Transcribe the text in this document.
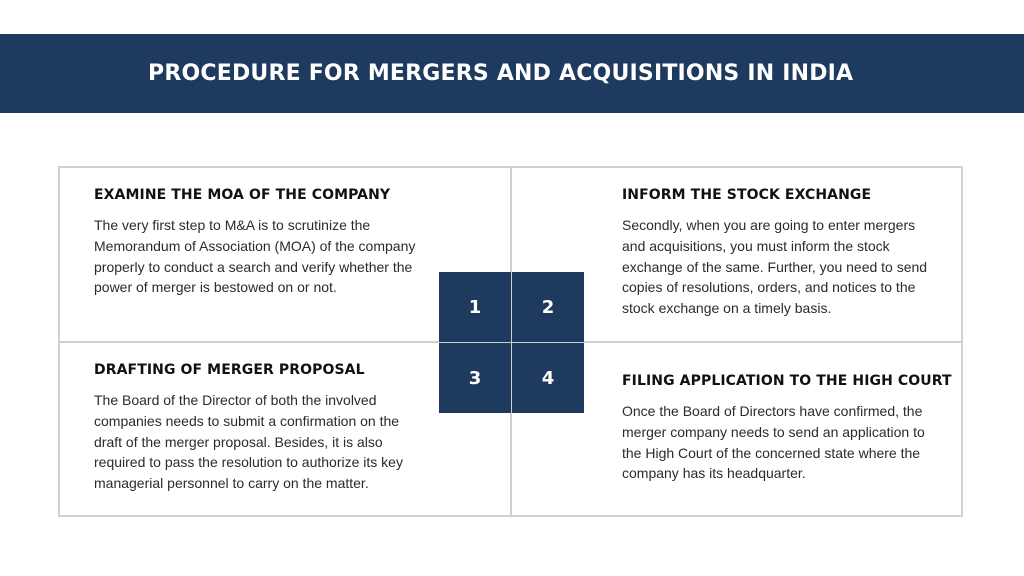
PROCEDURE FOR MERGERS AND ACQUISITIONS IN INDIA
EXAMINE THE MOA OF THE COMPANY
The very first step to M&A is to scrutinize the Memorandum of Association (MOA) of the company properly to conduct a search and verify whether the power of merger is bestowed on or not.
INFORM THE STOCK EXCHANGE
Secondly, when you are going to enter mergers and acquisitions, you must inform the stock exchange of the same. Further, you need to send copies of resolutions, orders, and notices to the stock exchange on a timely basis.
DRAFTING OF MERGER PROPOSAL
The Board of the Director of both the involved companies needs to submit a confirmation on the draft of the merger proposal. Besides, it is also required to pass the resolution to authorize its key managerial personnel to carry on the matter.
FILING APPLICATION TO THE HIGH COURT
Once the Board of Directors have confirmed, the merger company needs to send an application to the High Court of the concerned state where the company has its headquarter.
1	2
3	4
